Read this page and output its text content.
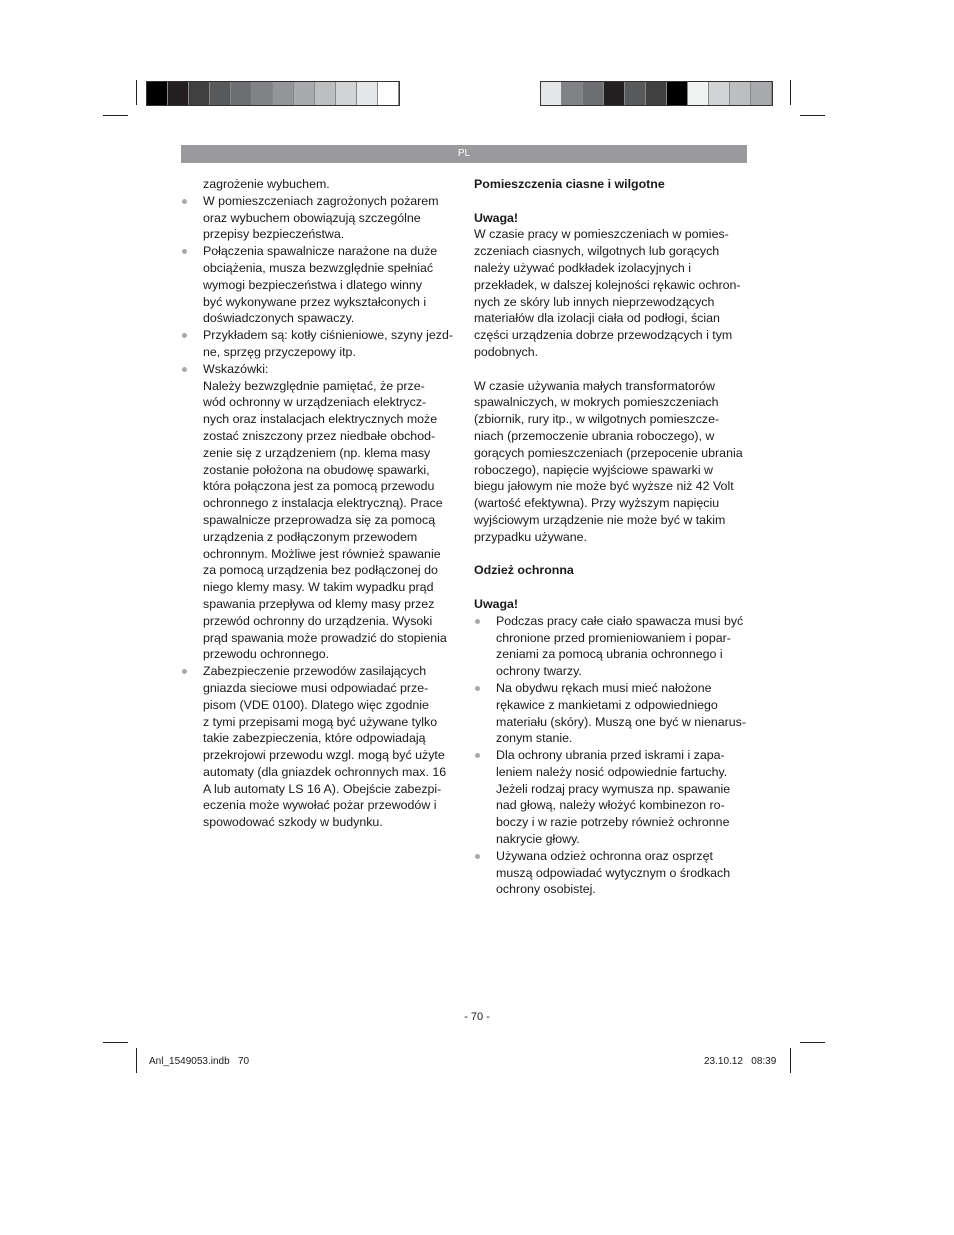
PL
zagrożenie wybuchem.
W pomieszczeniach zagrożonych pożarem
oraz wybuchem obowiązują szczególne
przepisy bezpieczeństwa.
Połączenia spawalnicze narażone na duże
obciążenia, musza bezwzględnie spełniać
wymogi bezpieczeństwa i dlatego winny
być wykonywane przez wykształconych i
doświadczonych spawaczy.
Przykładem są: kotły ciśnieniowe, szyny jezd-
ne, sprzęg przyczepowy itp.
Wskazówki:
Należy bezwzględnie pamiętać, że prze-
wód ochronny w urządzeniach elektrycz-
nych oraz instalacjach elektrycznych może
zostać zniszczony przez niedbałe obchod-
zenie się z urządzeniem (np. klema masy
zostanie położona na obudowę spawarki,
która połączona jest za pomocą przewodu
ochronnego z instalacja elektryczną). Prace
spawalnicze przeprowadza się za pomocą
urządzenia z podłączonym przewodem
ochronnym. Możliwe jest również spawanie
za pomocą urządzenia bez podłączonej do
niego klemy masy. W takim wypadku prąd
spawania przepływa od klemy masy przez
przewód ochronny do urządzenia. Wysoki
prąd spawania może prowadzić do stopienia
przewodu ochronnego.
Zabezpieczenie przewodów zasilających
gniazda sieciowe musi odpowiadać prze-
pisom (VDE 0100). Dlatego więc zgodnie
z tymi przepisami mogą być używane tylko
takie zabezpieczenia, które odpowiadają
przekrojowi przewodu wzgl. mogą być użyte
automaty (dla gniazdek ochronnych max. 16
A lub automaty LS 16 A). Obejście zabezpi-
eczenia może wywołać pożar przewodów i
spowodować szkody w budynku.
Pomieszczenia ciasne i wilgotne
Uwaga!
W czasie pracy w pomieszczeniach w pomies-
zczeniach ciasnych, wilgotnych lub gorących
należy używać podkładek izolacyjnych i
przekładek, w dalszej kolejności rękawic ochron-
nych ze skóry lub innych nieprzewodzących
materiałów dla izolacji ciała od podłogi, ścian
części urządzenia dobrze przewodzących i tym
podobnych.
W czasie używania małych transformatorów
spawalniczych, w mokrych pomieszczeniach
(zbiornik, rury itp., w wilgotnych pomieszcze-
niach (przemoczenie ubrania roboczego), w
gorących pomieszczeniach (przepocenie ubrania
roboczego), napięcie wyjściowe spawarki w
biegu jałowym nie może być wyższe niż 42 Volt
(wartość efektywna). Przy wyższym napięciu
wyjściowym urządzenie nie może być w takim
przypadku używane.
Odzież ochronna
Uwaga!
Podczas pracy całe ciało spawacza musi być
chronione przed promieniowaniem i popar-
zeniami za pomocą ubrania ochronnego i
ochrony twarzy.
Na obydwu rękach musi mieć nałożone
rękawice z mankietami z odpowiedniego
materiału (skóry). Muszą one być w nienarus-
zonym stanie.
Dla ochrony ubrania przed iskrami i zapa-
leniem należy nosić odpowiednie fartuchy.
Jeżeli rodzaj pracy wymusza np. spawanie
nad głową, należy włożyć kombinezon ro-
boczy i w razie potrzeby również ochronne
nakrycie głowy.
Używana odzież ochronna oraz osprzęt
muszą odpowiadać wytycznym o środkach
ochrony osobistej.
- 70 -
Anl_1549053.indb   70	23.10.12   08:39
